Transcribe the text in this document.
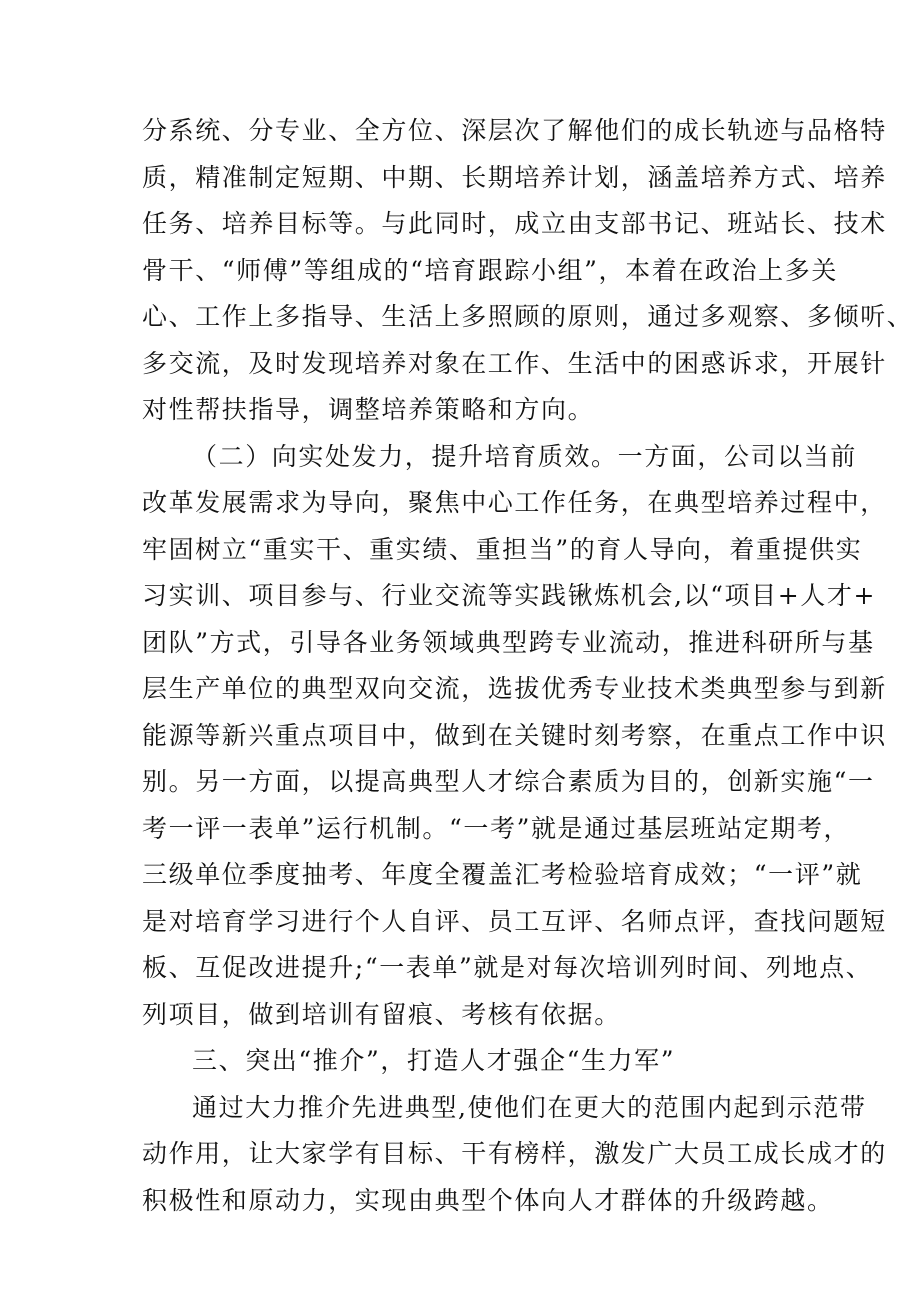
分系统、分专业、全方位、深层次了解他们的成长轨迹与品格特
质，精准制定短期、中期、长期培养计划，涵盖培养方式、培养
任务、培养目标等。与此同时，成立由支部书记、班站长、技术
骨干、“师傅”等组成的“培育跟踪小组”，本着在政治上多关
心、工作上多指导、生活上多照顾的原则，通过多观察、多倾听、
多交流，及时发现培养对象在工作、生活中的困惑诉求，开展针
对性帮扶指导，调整培养策略和方向。
（二）向实处发力，提升培育质效。一方面，公司以当前
改革发展需求为导向，聚焦中心工作任务，在典型培养过程中，
牢固树立“重实干、重实绩、重担当”的育人导向，着重提供实
习实训、项目参与、行业交流等实践锹炼机会,以“项目+人才+
团队”方式，引导各业务领域典型跨专业流动，推进科研所与基
层生产单位的典型双向交流，选拔优秀专业技术类典型参与到新
能源等新兴重点项目中，做到在关键时刻考察，在重点工作中识
别。另一方面，以提高典型人才综合素质为目的，创新实施“一
考一评一表单”运行机制。“一考”就是通过基层班站定期考，
三级单位季度抽考、年度全覆盖汇考检验培育成效；“一评”就
是对培育学习进行个人自评、员工互评、名师点评，查找问题短
板、互促改进提升;“一表单”就是对每次培训列时间、列地点、
列项目，做到培训有留痕、考核有依据。
三、突出“推介”，打造人才强企“生力军”
通过大力推介先进典型,使他们在更大的范围内起到示范带
动作用，让大家学有目标、干有榜样，激发广大员工成长成才的
积极性和原动力，实现由典型个体向人才群体的升级跨越。
